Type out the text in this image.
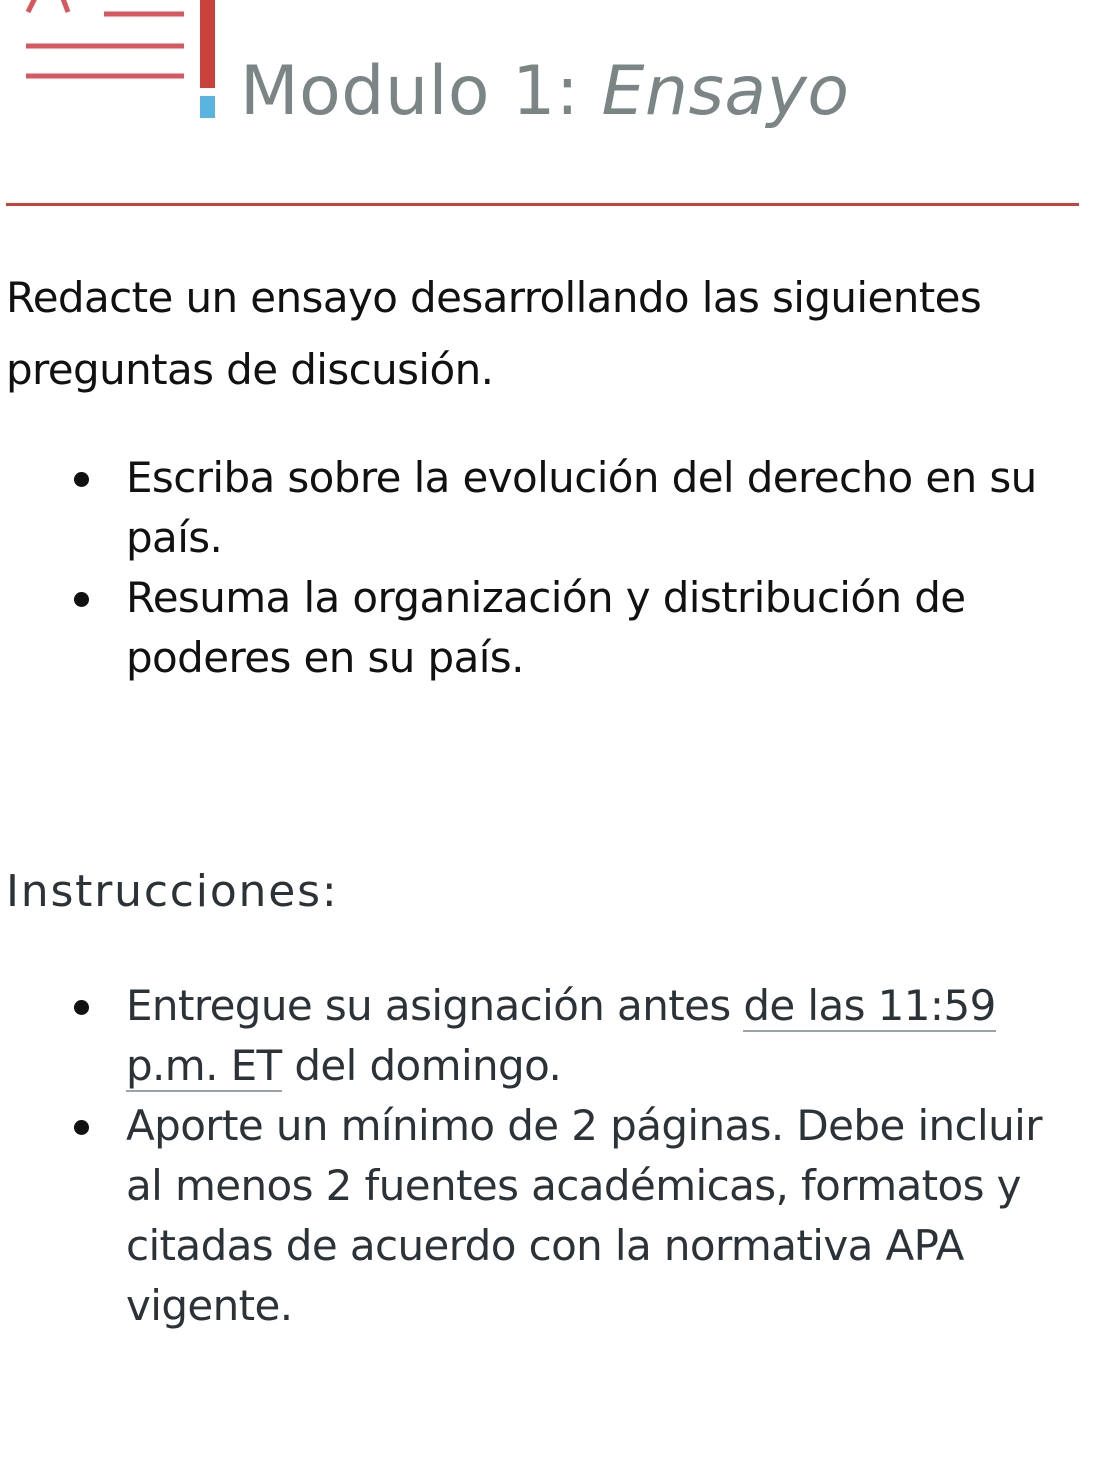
Modulo 1: Ensayo
Redacte un ensayo desarrollando las siguientes preguntas de discusión.
Escriba sobre la evolución del derecho en su país.
Resuma la organización y distribución de poderes en su país.
Instrucciones:
Entregue su asignación antes de las 11:59 p.m. ET del domingo.
Aporte un mínimo de 2 páginas. Debe incluir al menos 2 fuentes académicas, formatos y citadas de acuerdo con la normativa APA vigente.
